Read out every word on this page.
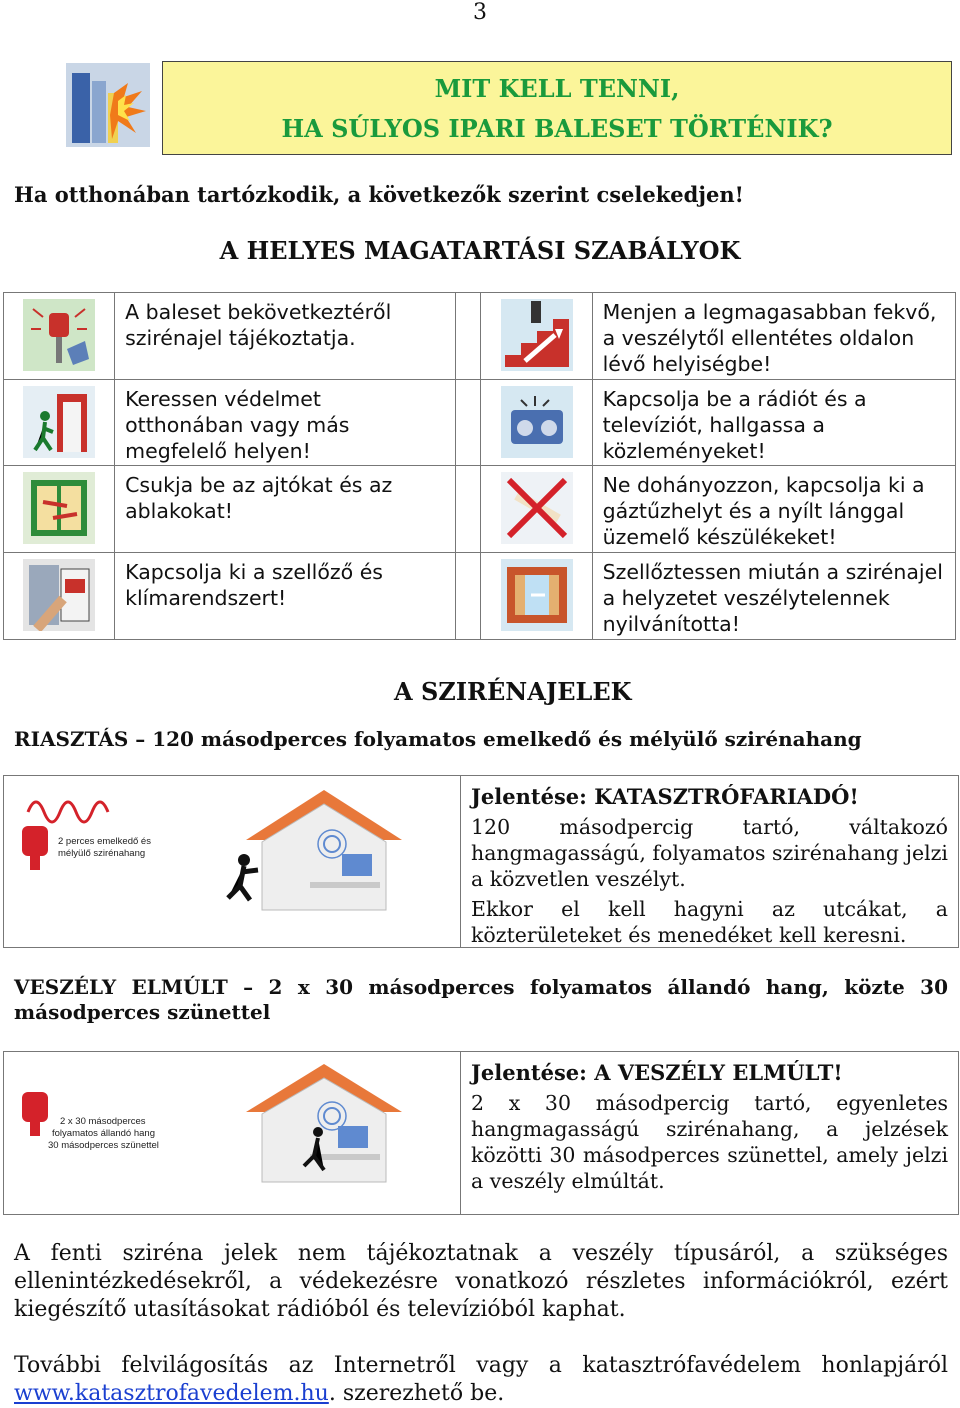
3
MIT KELL TENNI,
HA SÚLYOS IPARI BALESET TÖRTÉNIK?
Ha otthonában tartózkodik, a következők szerint cselekedjen!
A HELYES MAGATARTÁSI SZABÁLYOK

A baleset bekövetkeztéről szirénajel tájékoztatja.			Menjen a legmagasabban fekvő, a veszélytől ellentétes oldalon lévő helyiségbe!

Keressen védelmet otthonában vagy más megfelelő helyen!			Kapcsolja be a rádiót és a televíziót, hallgassa a közleményeket!

Csukja be az ajtókat és az ablakokat!			Ne dohányozzon, kapcsolja ki a gáztűzhelyt és a nyílt lánggal üzemelő készülékeket!

Kapcsolja ki a szellőző és klímarendszert!			Szellőztessen miután a szirénajel a helyzetet veszélytelennek nyilvánította!
A SZIRÉNAJELEK
RIASZTÁS – 120 másodperces folyamatos emelkedő és mélyülő szirénahang
2 perces emelkedő és
mélyülő szirénahang
Jelentése: KATASZTRÓFARIADÓ!
120 másodpercig tartó, váltakozó hangmagasságú, folyamatos szirénahang jelzi a közvetlen veszélyt.
Ekkor el kell hagyni az utcákat, a közterületeket és menedéket kell keresni.
VESZÉLY ELMÚLT – 2 x 30 másodperces folyamatos állandó hang, közte 30 másodperces szünettel
2 x 30 másodperces
folyamatos állandó hang
30 másodperces szünettel
Jelentése: A VESZÉLY ELMÚLT!
2 x 30 másodpercig tartó, egyenletes hangmagasságú szirénahang, a jelzések közötti 30 másodperces szünettel, amely jelzi a veszély elmúltát.
A fenti sziréna jelek nem tájékoztatnak a veszély típusáról, a szükséges ellenintézkedésekről, a védekezésre vonatkozó részletes információkról, ezért kiegészítő utasításokat rádióból és televízióból kaphat.
További felvilágosítás az Internetről vagy a katasztrófavédelem honlapjáról www.katasztrofavedelem.hu. szerezhető be.
